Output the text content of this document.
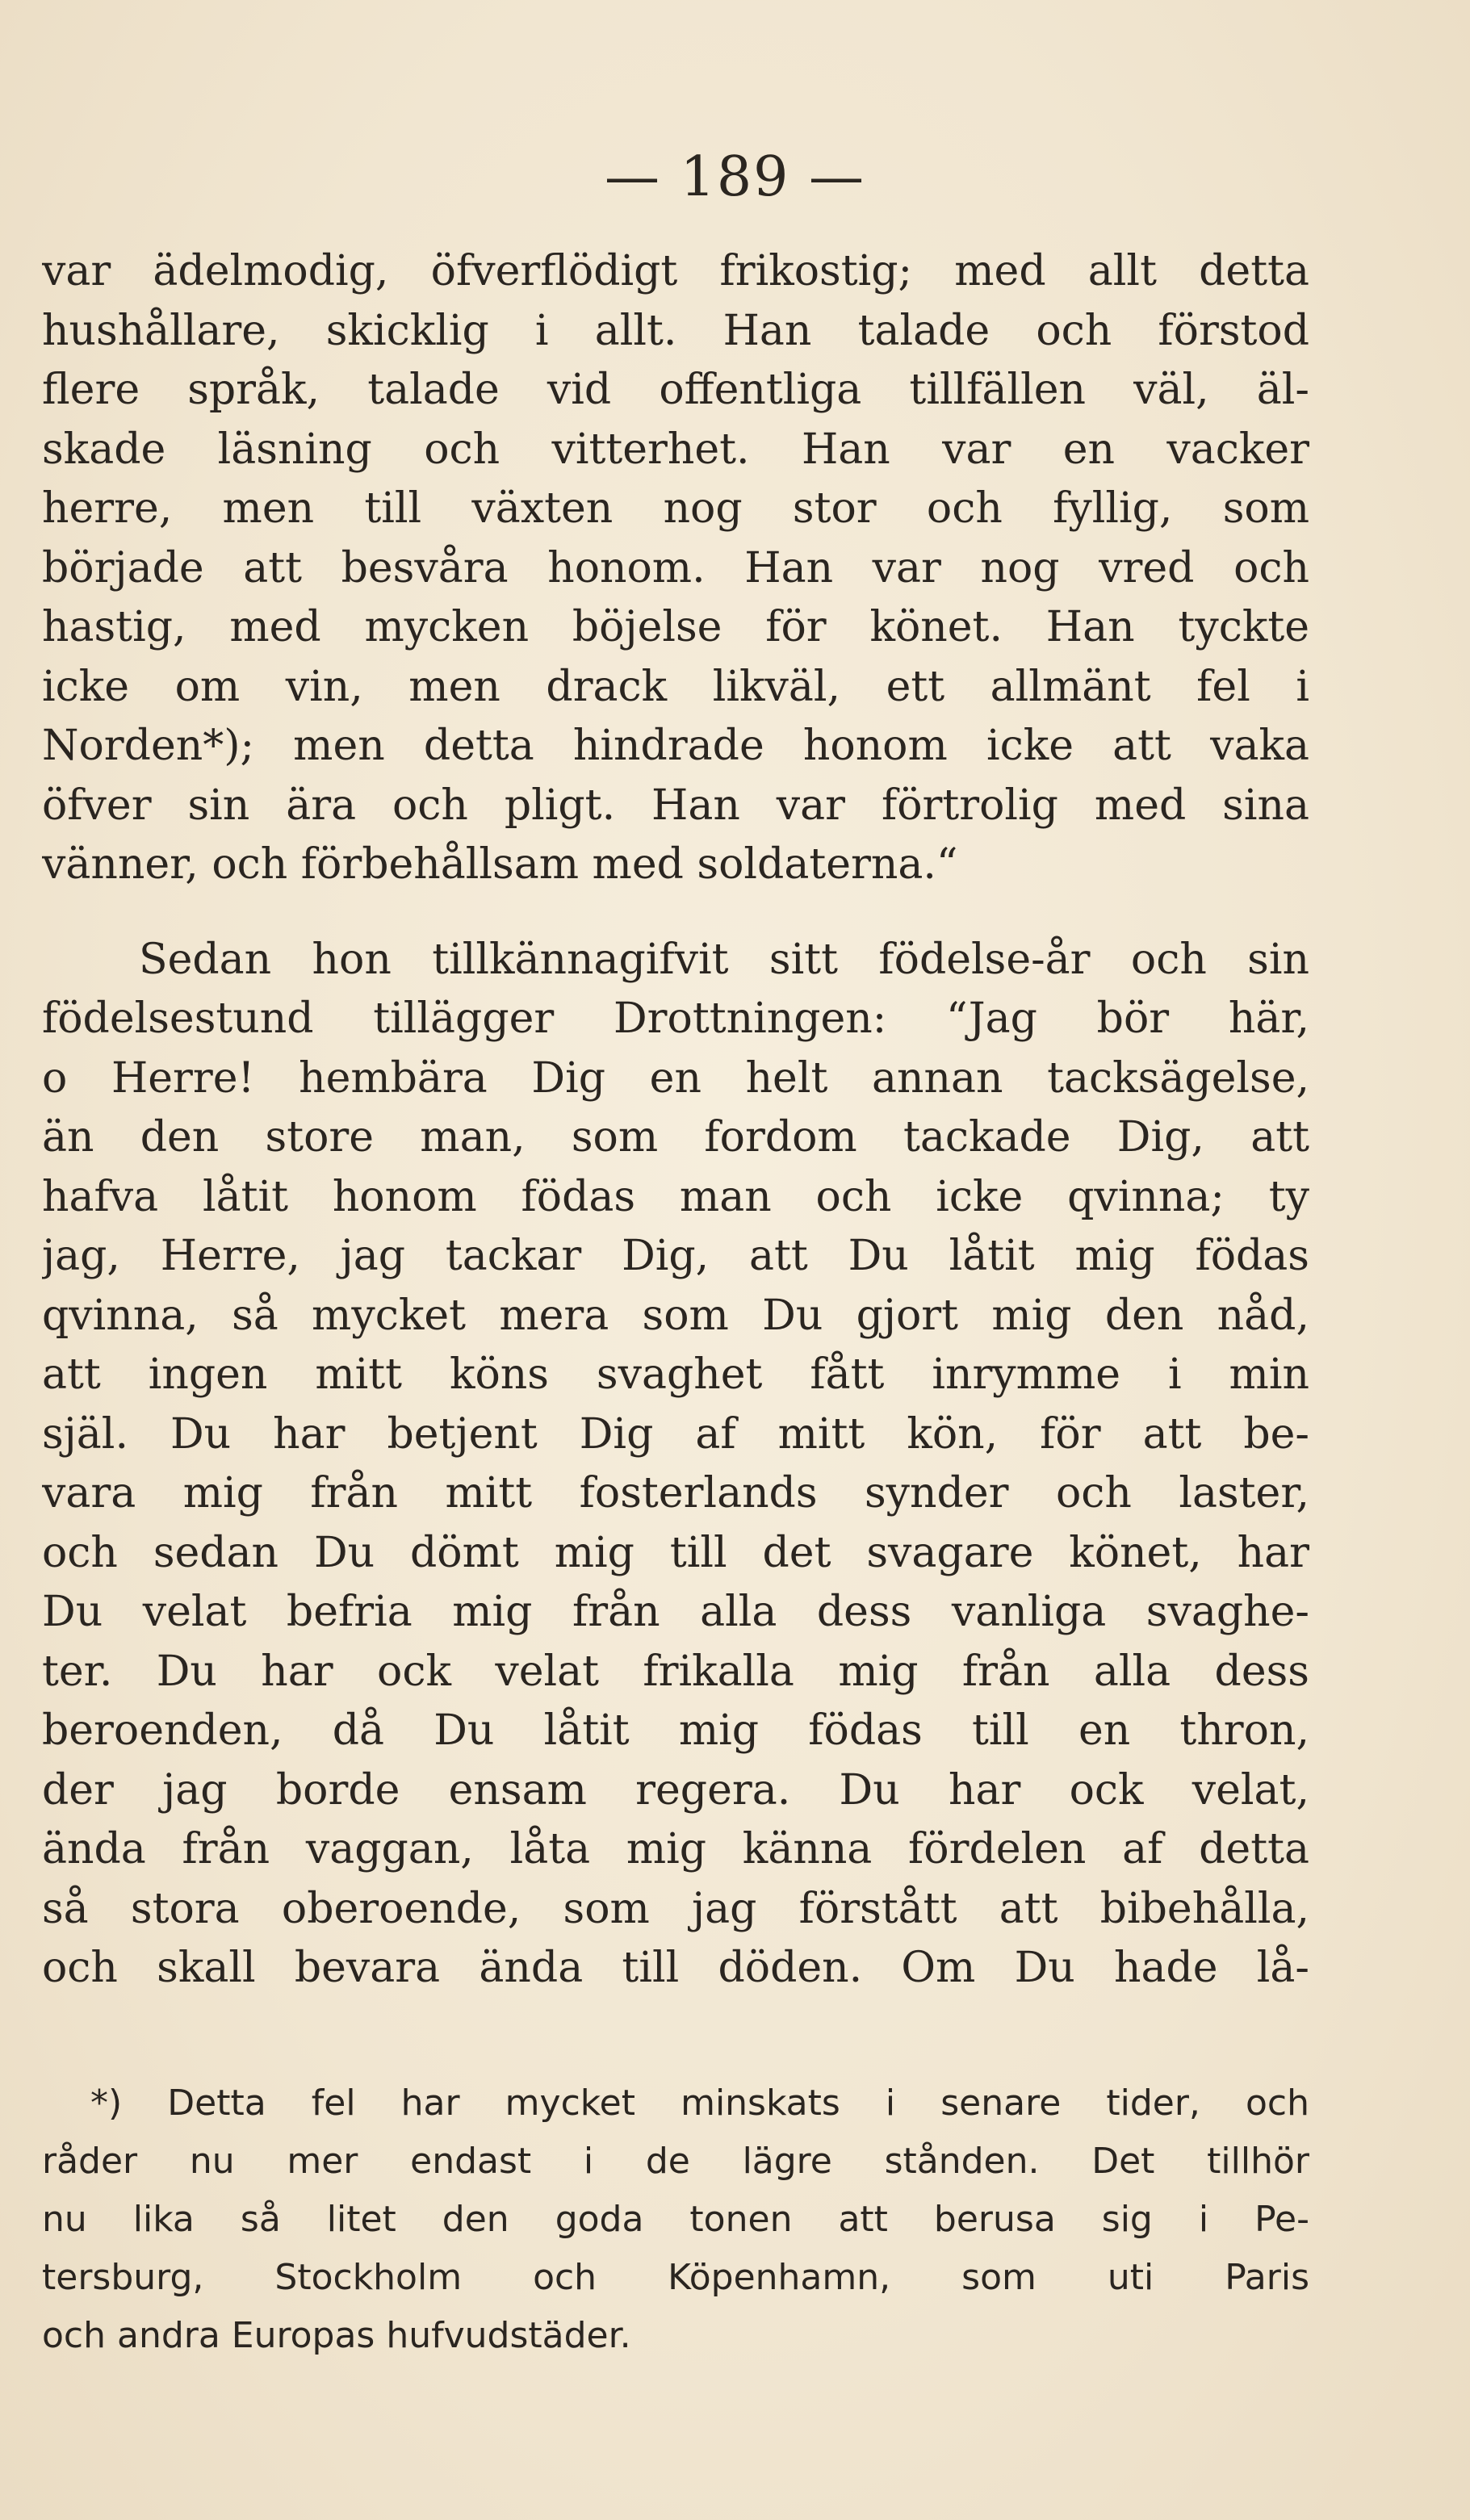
— 189 —
var ädelmodig, öfverflödigt frikostig; med allt detta
hushållare, skicklig i allt. Han talade och förstod
flere språk, talade vid offentliga tillfällen väl, äl-
skade läsning och vitterhet. Han var en vacker
herre, men till växten nog stor och fyllig, som
började att besvåra honom. Han var nog vred och
hastig, med mycken böjelse för könet. Han tyckte
icke om vin, men drack likväl, ett allmänt fel i
Norden*); men detta hindrade honom icke att vaka
öfver sin ära och pligt. Han var förtrolig med sina
vänner, och förbehållsam med soldaterna.“
Sedan hon tillkännagifvit sitt födelse-år och sin
födelsestund tillägger Drottningen: “Jag bör här,
o Herre! hembära Dig en helt annan tacksägelse,
än den store man, som fordom tackade Dig, att
hafva låtit honom födas man och icke qvinna; ty
jag, Herre, jag tackar Dig, att Du låtit mig födas
qvinna, så mycket mera som Du gjort mig den nåd,
att ingen mitt köns svaghet fått inrymme i min
själ. Du har betjent Dig af mitt kön, för att be-
vara mig från mitt fosterlands synder och laster,
och sedan Du dömt mig till det svagare könet, har
Du velat befria mig från alla dess vanliga svaghe-
ter. Du har ock velat frikalla mig från alla dess
beroenden, då Du låtit mig födas till en thron,
der jag borde ensam regera. Du har ock velat,
ända från vaggan, låta mig känna fördelen af detta
så stora oberoende, som jag förstått att bibehålla,
och skall bevara ända till döden. Om Du hade lå-
*) Detta fel har mycket minskats i senare tider, och
råder nu mer endast i de lägre stånden. Det tillhör
nu lika så litet den goda tonen att berusa sig i Pe-
tersburg, Stockholm och Köpenhamn, som uti Paris
och andra Europas hufvudstäder.
